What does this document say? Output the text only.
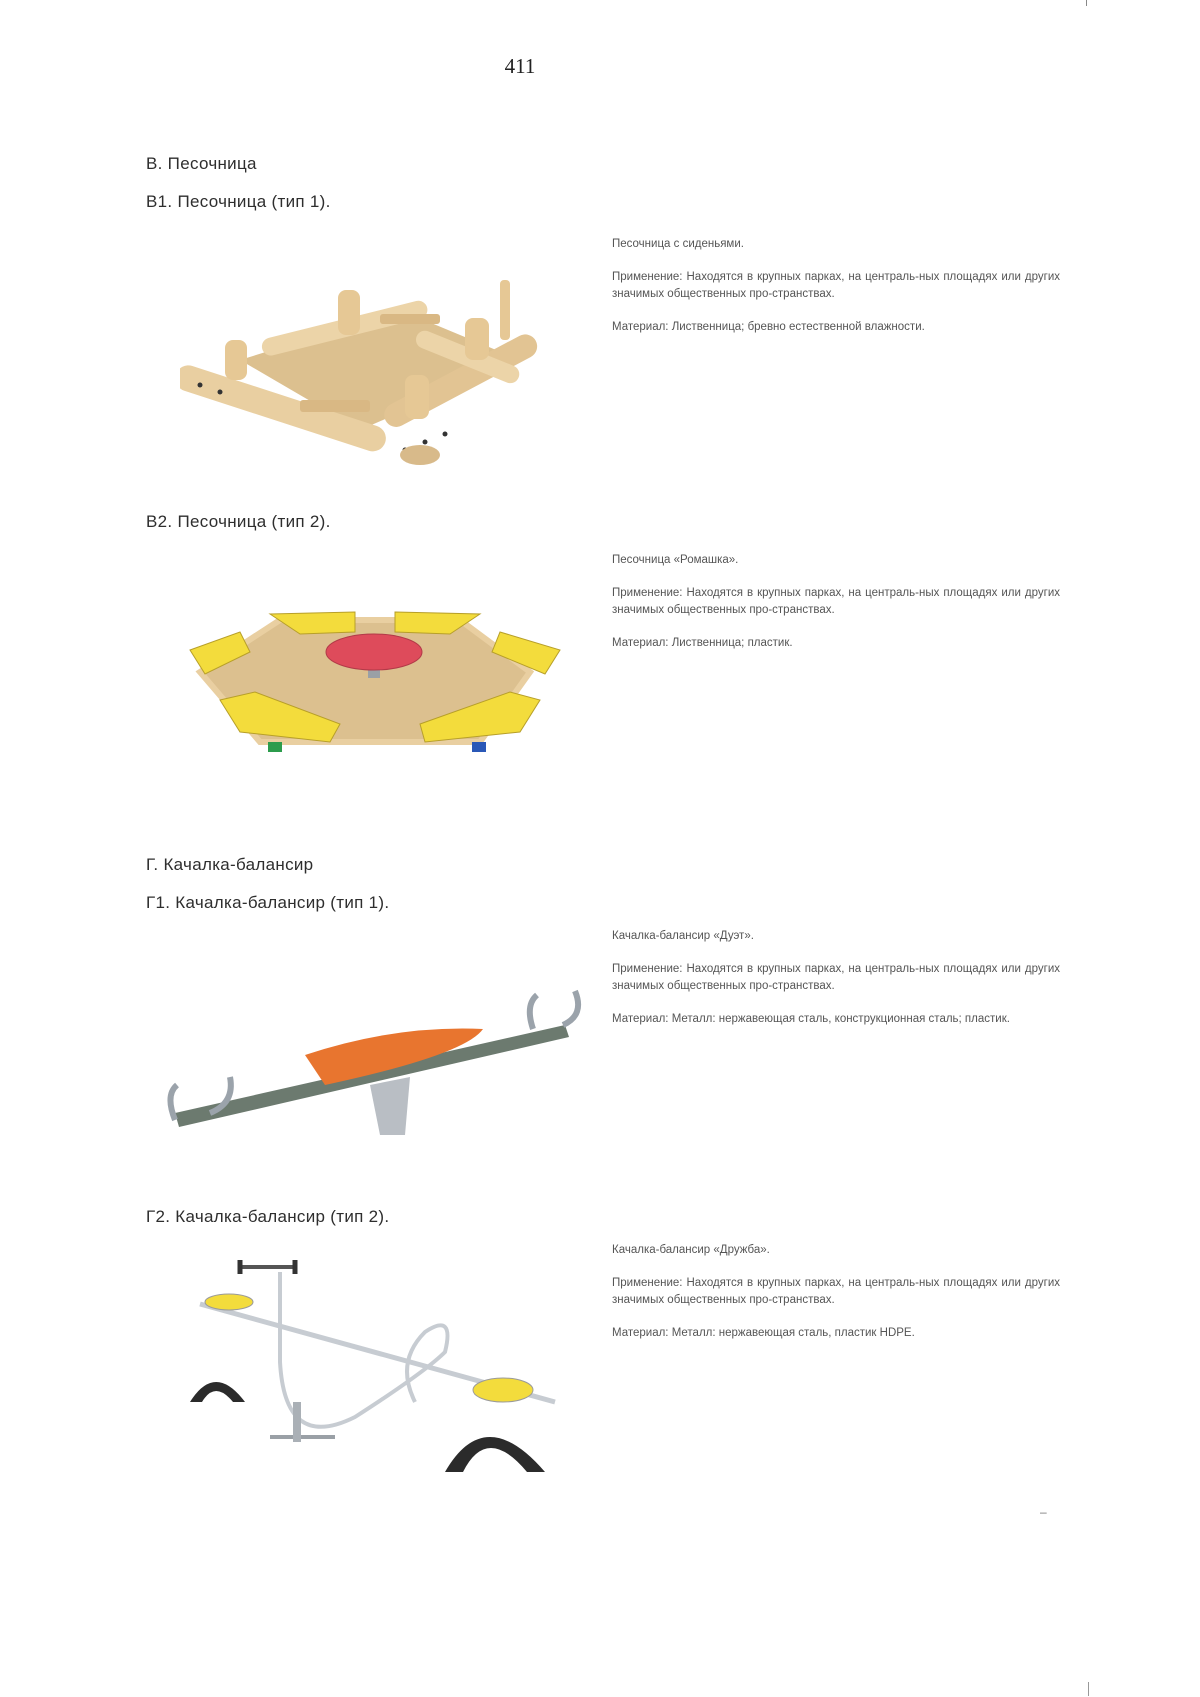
411
В. Песочница
В1. Песочница (тип 1).

Песочница с сиденьями.

Применение: Находятся в крупных парках, на централь-ных площадях или других значимых общественных про-странствах.

Материал: Лиственница; бревно естественной влажности.

В2. Песочница (тип 2).

Песочница «Ромашка».

Применение: Находятся в крупных парках, на централь-ных площадях или других значимых общественных про-странствах.

Материал: Лиственница; пластик.

Г. Качалка-балансир
Г1. Качалка-балансир (тип 1).

Качалка-балансир «Дуэт».

Применение: Находятся в крупных парках, на централь-ных площадях или других значимых общественных про-странствах.

Материал: Металл: нержавеющая сталь, конструкционная сталь; пластик.

Г2. Качалка-балансир (тип 2).

Качалка-балансир «Дружба».

Применение: Находятся в крупных парках, на централь-ных площадях или других значимых общественных про-странствах.

Материал: Металл: нержавеющая сталь, пластик HDPE.

–
